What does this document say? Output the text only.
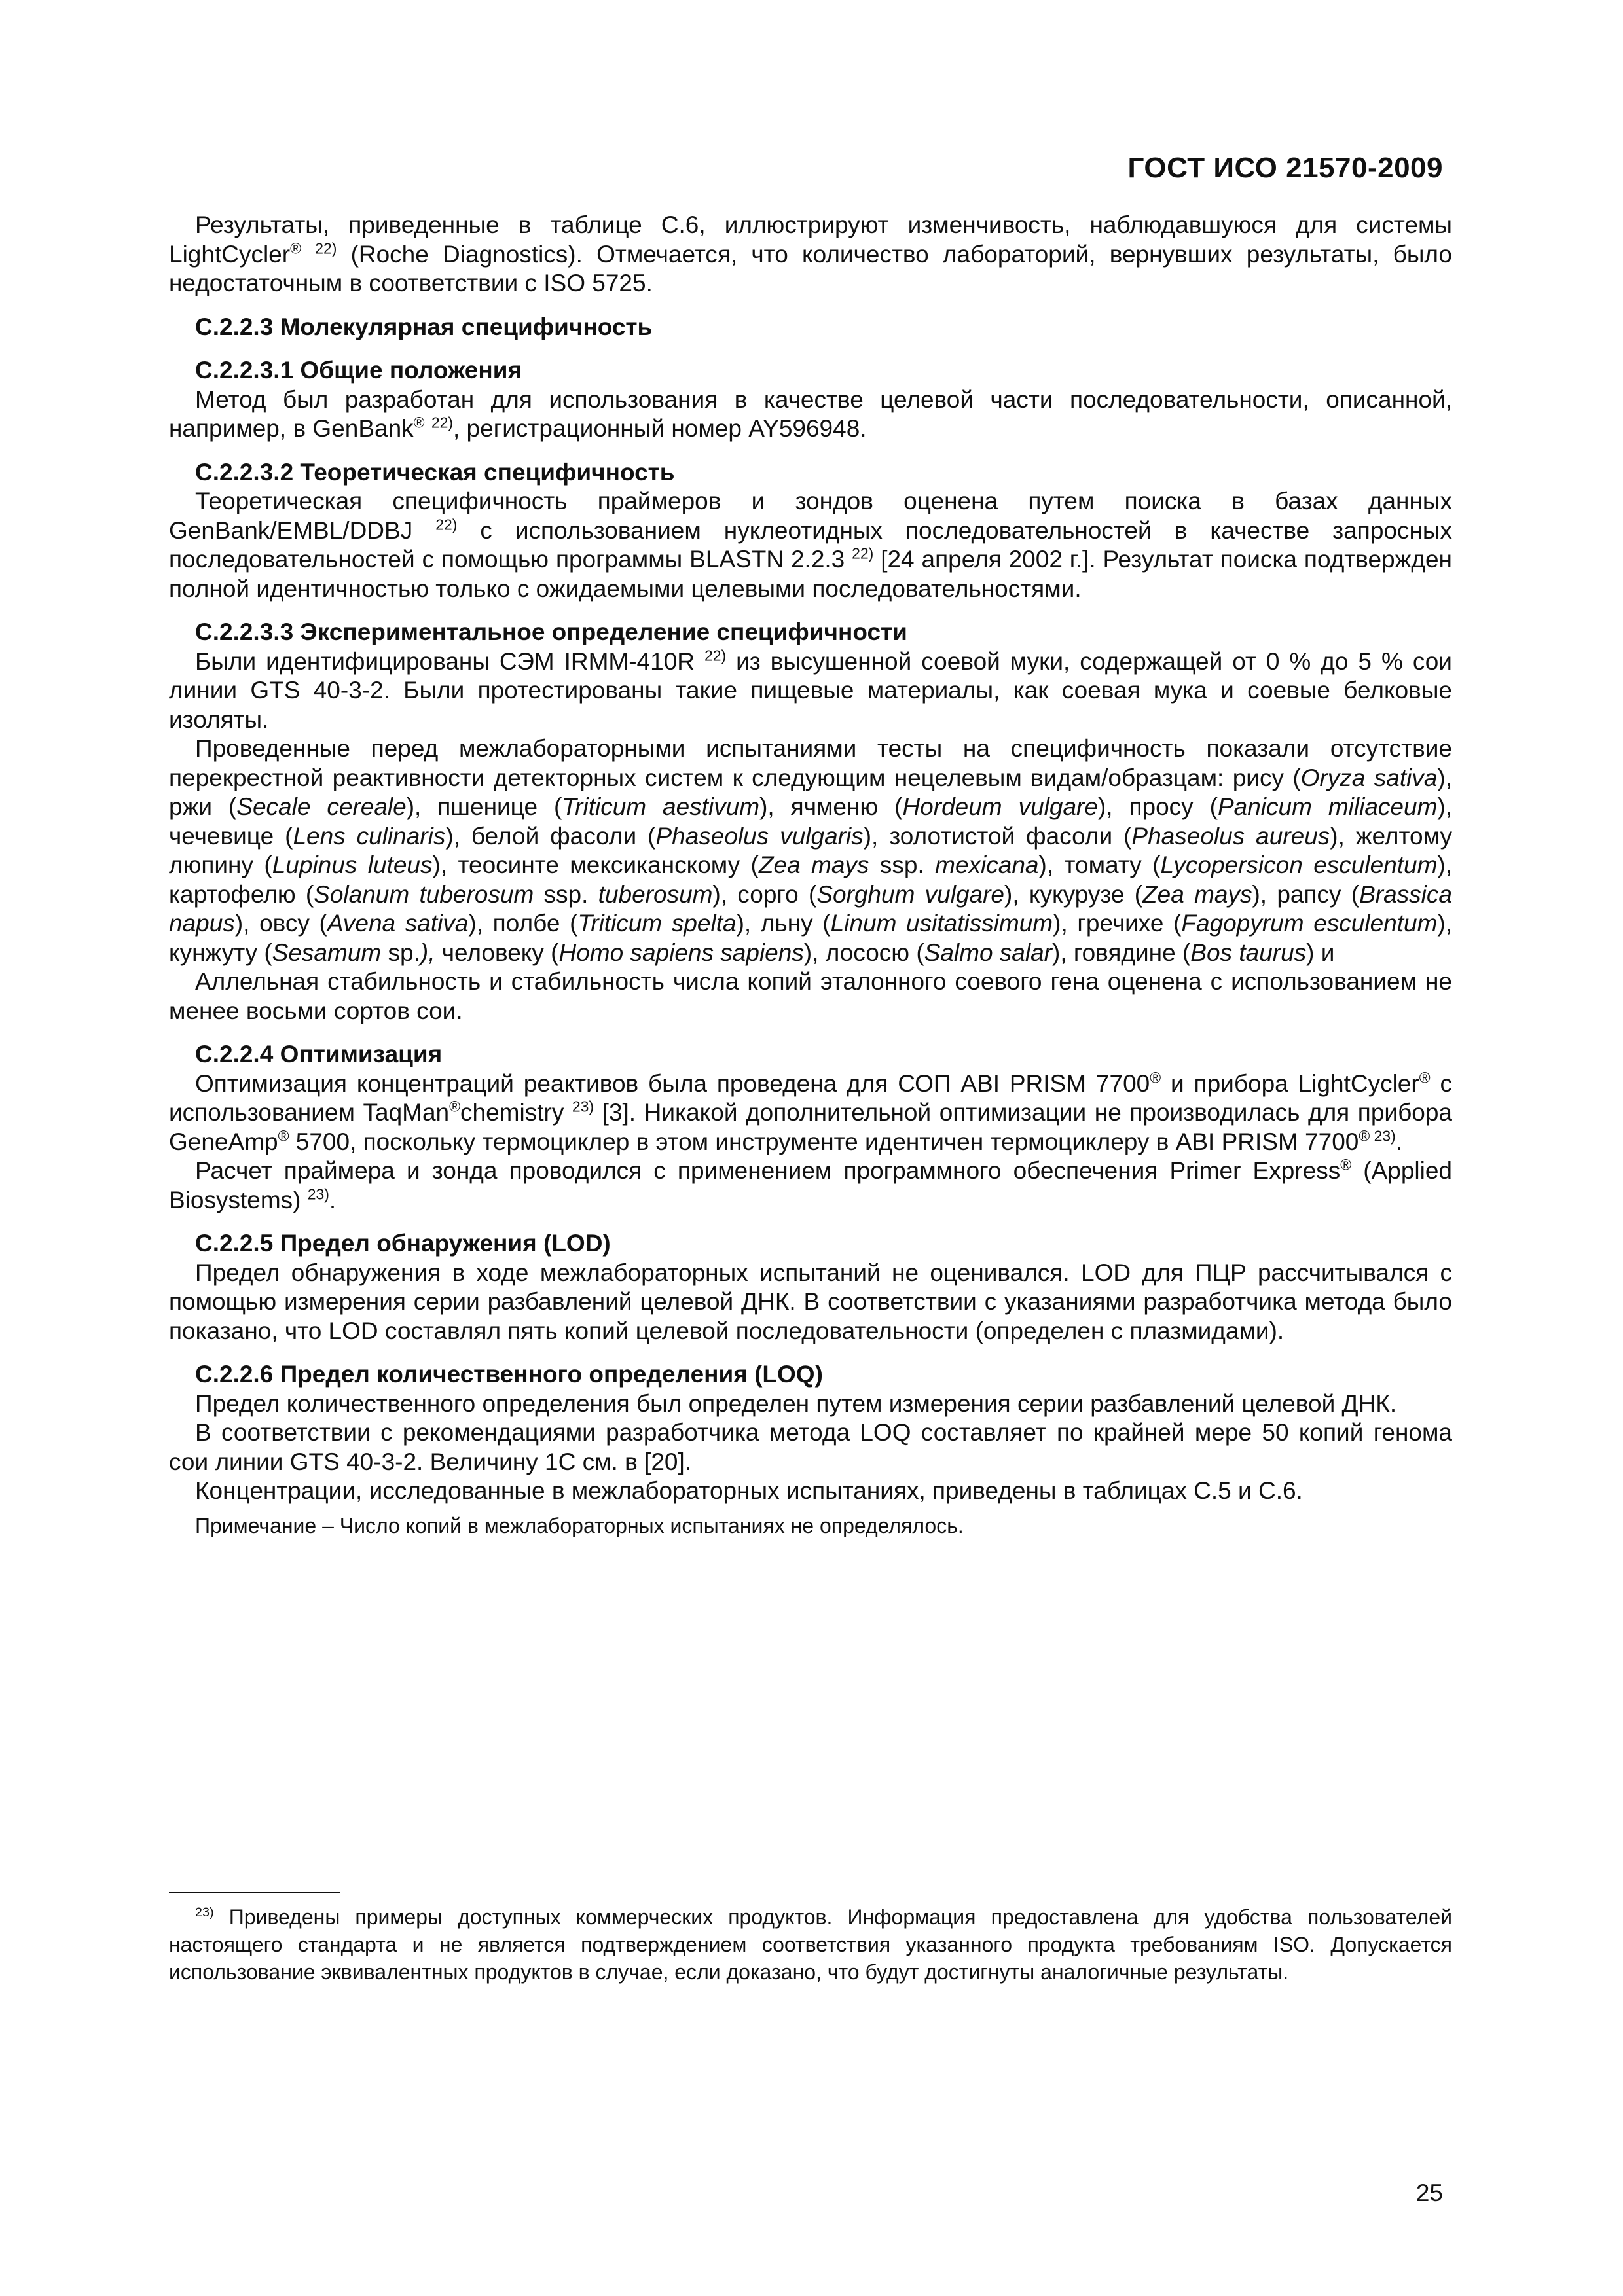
ГОСТ ИСО 21570-2009

Результаты, приведенные в таблице С.6, иллюстрируют изменчивость, наблюдавшуюся для системы LightCycler® $^{22)}$ (Roche Diagnostics). Отмечается, что количество лабораторий, вернувших результаты, было недостаточным в соответствии с ISO 5725.

С.2.2.3 Молекулярная специфичность
С.2.2.3.1 Общие положения

Метод был разработан для использования в качестве целевой части последовательности, описанной, например, в GenBank® $^{22)}$, регистрационный номер AY596948.

С.2.2.3.2 Теоретическая специфичность

Теоретическая специфичность праймеров и зондов оценена путем поиска в базах данных GenBank/EMBL/DDBJ $^{22)}$ с использованием нуклеотидных последовательностей в качестве запросных последовательностей с помощью программы BLASTN 2.2.3 $^{22)}$ [24 апреля 2002 г.]. Результат поиска подтвержден полной идентичностью только с ожидаемыми целевыми последовательностями.

С.2.2.3.3 Экспериментальное определение специфичности

Были идентифицированы СЭМ IRMM-410R $^{22)}$ из высушенной соевой муки, содержащей от 0 % до 5 % сои линии GTS 40-3-2. Были протестированы такие пищевые материалы, как соевая мука и соевые белковые изоляты.

Проведенные перед межлабораторными испытаниями тесты на специфичность показали отсутствие перекрестной реактивности детекторных систем к следующим нецелевым видам/образцам: рису (Oryza sativa), ржи (Secale cereale), пшенице (Triticum aestivum), ячменю (Hordeum vulgare), просу (Panicum miliaceum), чечевице (Lens culinaris), белой фасоли (Phaseolus vulgaris), золотистой фасоли (Phaseolus aureus), желтому люпину (Lupinus luteus), теосинте мексиканскому (Zea mays ssp. mexicana), томату (Lycopersicon esculentum), картофелю (Solanum tuberosum ssp. tuberosum), сорго (Sorghum vulgare), кукурузе (Zea mays), рапсу (Brassica napus), овсу (Avena sativa), полбе (Triticum spelta), льну (Linum usitatissimum), гречихе (Fagopyrum esculentum), кунжуту (Sesamum sp.), человеку (Homo sapiens sapiens), лососю (Salmo salar), говядине (Bos taurus) и

Аллельная стабильность и стабильность числа копий эталонного соевого гена оценена с использованием не менее восьми сортов сои.

С.2.2.4 Оптимизация

Оптимизация концентраций реактивов была проведена для СОП ABI PRISM 7700® и прибора LightCycler® с использованием TaqMan®chemistry $^{23)}$ [3]. Никакой дополнительной оптимизации не производилась для прибора GeneAmp® 5700, поскольку термоциклер в этом инструменте идентичен термоциклеру в ABI PRISM $7700^{® 23)}$.

Расчет праймера и зонда проводился с применением программного обеспечения Primer Express® (Applied Biosystems) $^{23)}$.

С.2.2.5 Предел обнаружения (LOD)

Предел обнаружения в ходе межлабораторных испытаний не оценивался. LOD для ПЦР рассчитывался с помощью измерения серии разбавлений целевой ДНК. В соответствии с указаниями разработчика метода было показано, что LOD составлял пять копий целевой последовательности (определен с плазмидами).

С.2.2.6 Предел количественного определения (LOQ)

Предел количественного определения был определен путем измерения серии разбавлений целевой ДНК.

В соответствии с рекомендациями разработчика метода LOQ составляет по крайней мере 50 копий генома сои линии GTS 40-3-2. Величину 1С см. в [20].

Концентрации, исследованные в межлабораторных испытаниях, приведены в таблицах С.5 и С.6.

Примечание – Число копий в межлабораторных испытаниях не определялось.

$^{23)}$ Приведены примеры доступных коммерческих продуктов. Информация предоставлена для удобства пользователей настоящего стандарта и не является подтверждением соответствия указанного продукта требованиям ISO. Допускается использование эквивалентных продуктов в случае, если доказано, что будут достигнуты аналогичные результаты.

25
